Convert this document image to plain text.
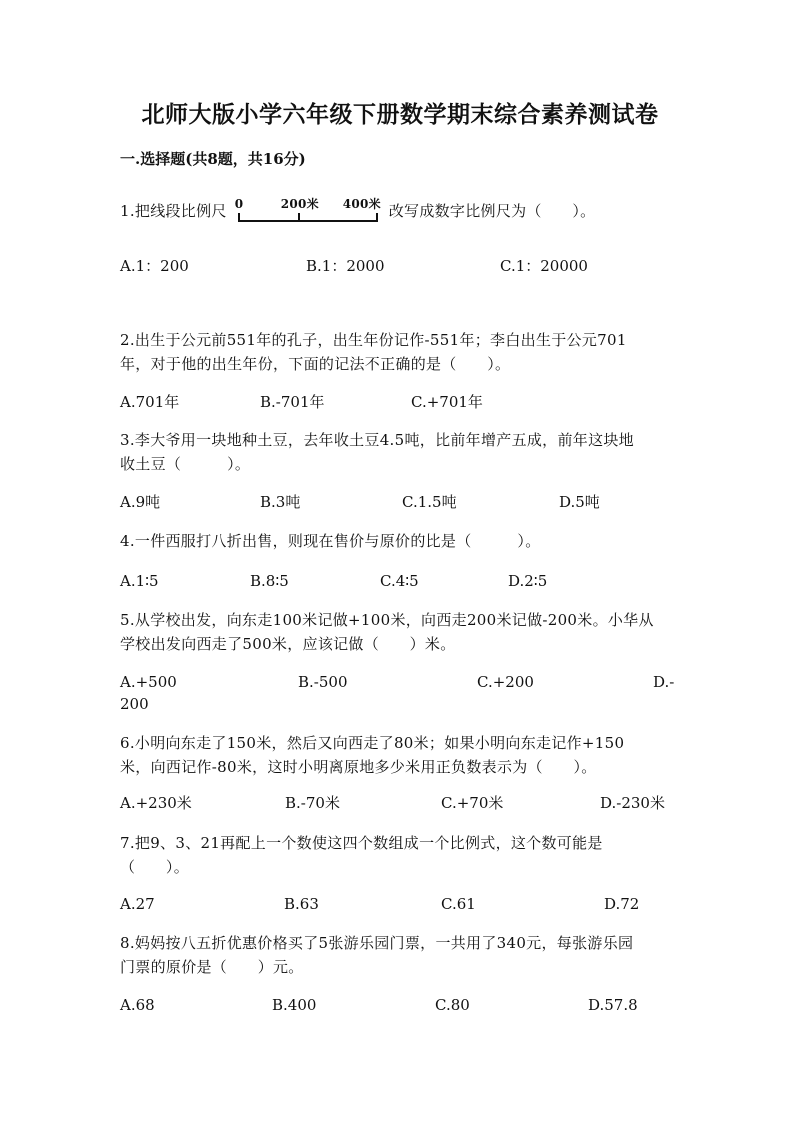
北师大版小学六年级下册数学期末综合素养测试卷
一.选择题(共8题，共16分)
1.把线段比例尺 0	200米 400米 改写成数字比例尺为（　　）。
A.1：200	B.1：2000	C.1：20000
2.出生于公元前551年的孔子，出生年份记作-551年；李白出生于公元701
年，对于他的出生年份，下面的记法不正确的是（　　）。
A.701年	B.-701年	C.+701年
3.李大爷用一块地种土豆，去年收土豆4.5吨，比前年增产五成，前年这块地
收土豆（　　　）。
A.9吨	B.3吨	C.1.5吨	D.5吨
4.一件西服打八折出售，则现在售价与原价的比是（　　　）。
A.1∶5	B.8∶5	C.4∶5	D.2∶5
5.从学校出发，向东走100米记做+100米，向西走200米记做-200米。小华从
学校出发向西走了500米，应该记做（　　）米。
A.+500	B.-500	C.+200	D.-
200
6.小明向东走了150米，然后又向西走了80米；如果小明向东走记作+150
米，向西记作-80米，这时小明离原地多少米用正负数表示为（　　）。
A.+230米	B.-70米	C.+70米	D.-230米
7.把9、3、21再配上一个数使这四个数组成一个比例式，这个数可能是
（　　）。
A.27	B.63	C.61	D.72
8.妈妈按八五折优惠价格买了5张游乐园门票，一共用了340元，每张游乐园
门票的原价是（　　）元。
A.68	B.400	C.80	D.57.8
